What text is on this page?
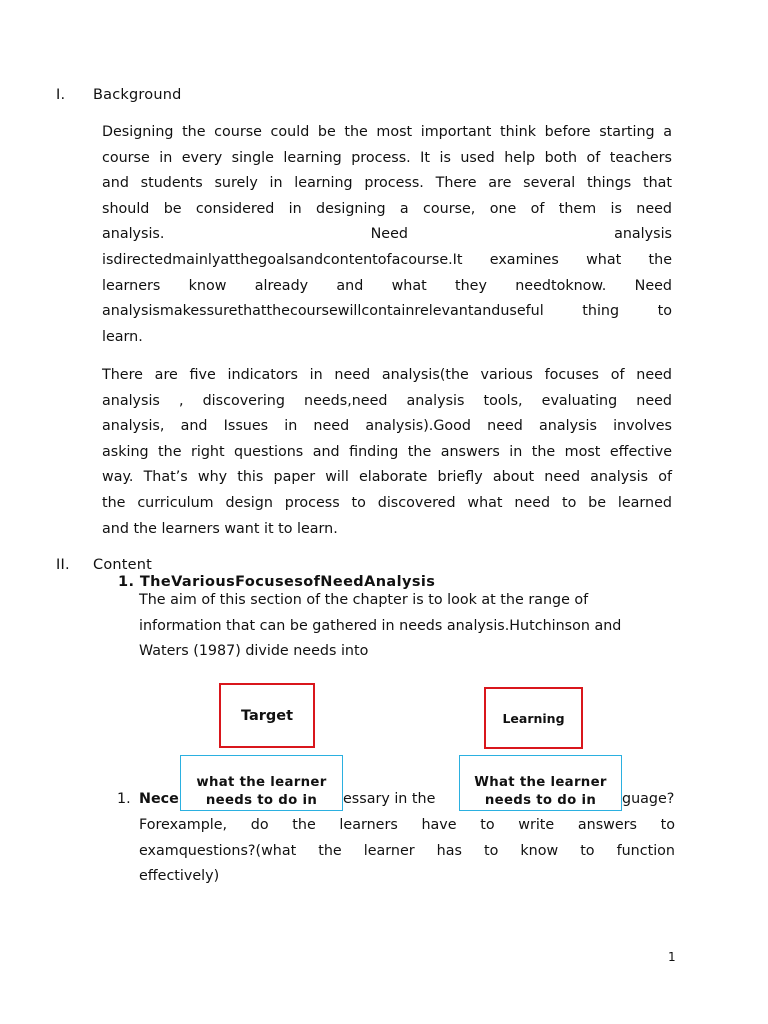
I. Background
Designing the course could be the most important think before starting a
course in every single learning process. It is used help both of teachers
and students surely in learning process. There are several things that
should be considered in designing a course, one of them is need
analysis. Need analysis
isdirectedmainlyatthegoalsandcontentofacourse.It examines what the
learners know already and what they needtoknow. Need
analysismakessurethatthecoursewillcontainrelevantanduseful thing to
learn.
There are five indicators in need analysis(the various focuses of need
analysis , discovering needs,need analysis tools, evaluating need
analysis, and Issues in need analysis).Good need analysis involves
asking the right questions and finding the answers in the most effective
way. That’s why this paper will elaborate briefly about need analysis of
the curriculum design process to discovered what need to be learned
and the learners want it to learn.
II. Content
1. TheVariousFocusesofNeedAnalysis
The aim of this section of the chapter is to look at the range of
information that can be gathered in needs analysis.Hutchinson and
Waters (1987) divide needs into
1. Nece	essary in the	guage?
Forexample, do the learners have to write answers to
examquestions?(what the learner has to know to function
effectively)
Target
what the learner
needs to do in
Learning
What the learner
needs to do in
1
